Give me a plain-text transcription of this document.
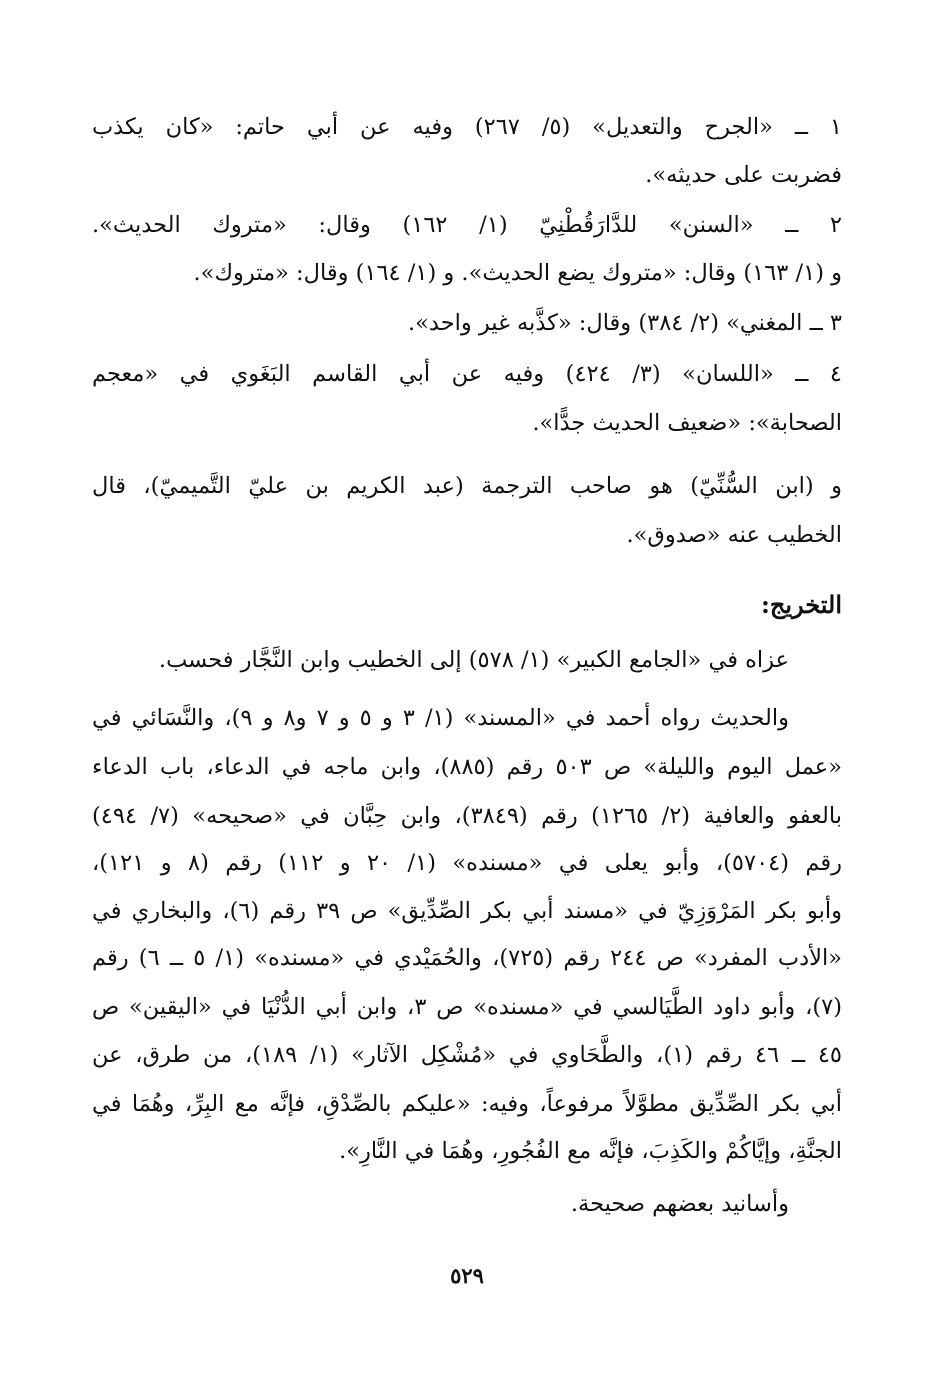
١ ــ «الجرح والتعديل» (٥/ ٢٦٧) وفيه عن أبي حاتم: «كان يكذب
فضربت على حديثه».
٢ ــ «السنن» للدَّارَقُطْنِيّ (١/ ١٦٢) وقال: «متروك الحديث».
و (١/ ١٦٣) وقال: «متروك يضع الحديث». و (١/ ١٦٤) وقال: «متروك».
٣ ــ المغني» (٢/ ٣٨٤) وقال: «كذَّبه غير واحد».
٤ ــ «اللسان» (٣/ ٤٢٤) وفيه عن أبي القاسم البَغَوي في «معجم
الصحابة»: «ضعيف الحديث جدًّا».
و (ابن السُّنِّيّ) هو صاحب الترجمة (عبد الكريم بن عليّ التَّميميّ)، قال
الخطيب عنه «صدوق».
التخريج:
عزاه في «الجامع الكبير» (١/ ٥٧٨) إلى الخطيب وابن النَّجَّار فحسب.
والحديث رواه أحمد في «المسند» (١/ ٣ و ٥ و ٧ و٨ و ٩)، والنَّسَائي في
«عمل اليوم والليلة» ص ٥٠٣ رقم (٨٨٥)، وابن ماجه في الدعاء، باب الدعاء
بالعفو والعافية (٢/ ١٢٦٥) رقم (٣٨٤٩)، وابن حِبَّان في «صحيحه» (٧/ ٤٩٤)
رقم (٥٧٠٤)، وأبو يعلى في «مسنده» (١/ ٢٠ و ١١٢) رقم (٨ و ١٢١)،
وأبو بكر المَرْوَزِيّ في «مسند أبي بكر الصِّدِّيق» ص ٣٩ رقم (٦)، والبخاري في
«الأدب المفرد» ص ٢٤٤ رقم (٧٢٥)، والحُمَيْدي في «مسنده» (١/ ٥ ــ ٦) رقم
(٧)، وأبو داود الطَّيَالسي في «مسنده» ص ٣، وابن أبي الدُّنْيَا في «اليقين» ص
٤٥ ــ ٤٦ رقم (١)، والطَّحَاوي في «مُشْكِل الآثار» (١/ ١٨٩)، من طرق، عن
أبي بكر الصِّدِّيق مطوَّلاً مرفوعاً، وفيه: «عليكم بالصِّدْقِ، فإنَّه مع البِرِّ، وهُمَا في
الجنَّةِ، وإيَّاكُمْ والكَذِبَ، فإنَّه مع الفُجُورِ، وهُمَا في النَّارِ».
وأسانيد بعضهم صحيحة.
٥٢٩
